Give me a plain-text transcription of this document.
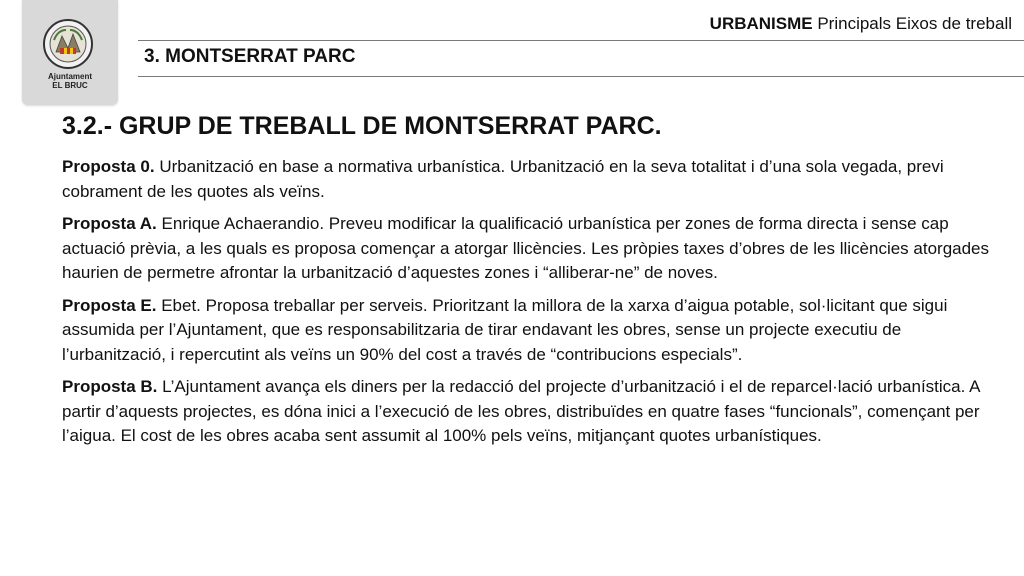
Ajuntament
EL BRUC
URBANISME Principals Eixos de treball
3. MONTSERRAT PARC
3.2.- GRUP DE TREBALL DE MONTSERRAT PARC.

Proposta 0. Urbanització en base a normativa urbanística. Urbanització en la seva totalitat i d’una sola vegada, previ cobrament de les quotes als veïns.

Proposta A. Enrique Achaerandio. Preveu modificar la qualificació urbanística per zones de forma directa i sense cap actuació prèvia, a les quals es proposa començar a atorgar llicències. Les pròpies taxes d’obres de les llicències atorgades haurien de permetre afrontar la urbanització d’aquestes zones i “alliberar-ne” de noves.

Proposta E. Ebet. Proposa treballar per serveis. Prioritzant la millora de la xarxa d’aigua potable, sol·licitant que sigui assumida per l’Ajuntament, que es responsabilitzaria de tirar endavant les obres, sense un projecte executiu de l’urbanització, i repercutint als veïns un 90% del cost a través de “contribucions especials”.

Proposta B. L’Ajuntament avança els diners per la redacció del projecte d’urbanització i el de reparcel·lació urbanística. A partir d’aquests projectes, es dóna inici a l’execució de les obres, distribuïdes en quatre fases “funcionals”, començant per l’aigua. El cost de les obres acaba sent assumit al 100% pels veïns, mitjançant quotes urbanístiques.
